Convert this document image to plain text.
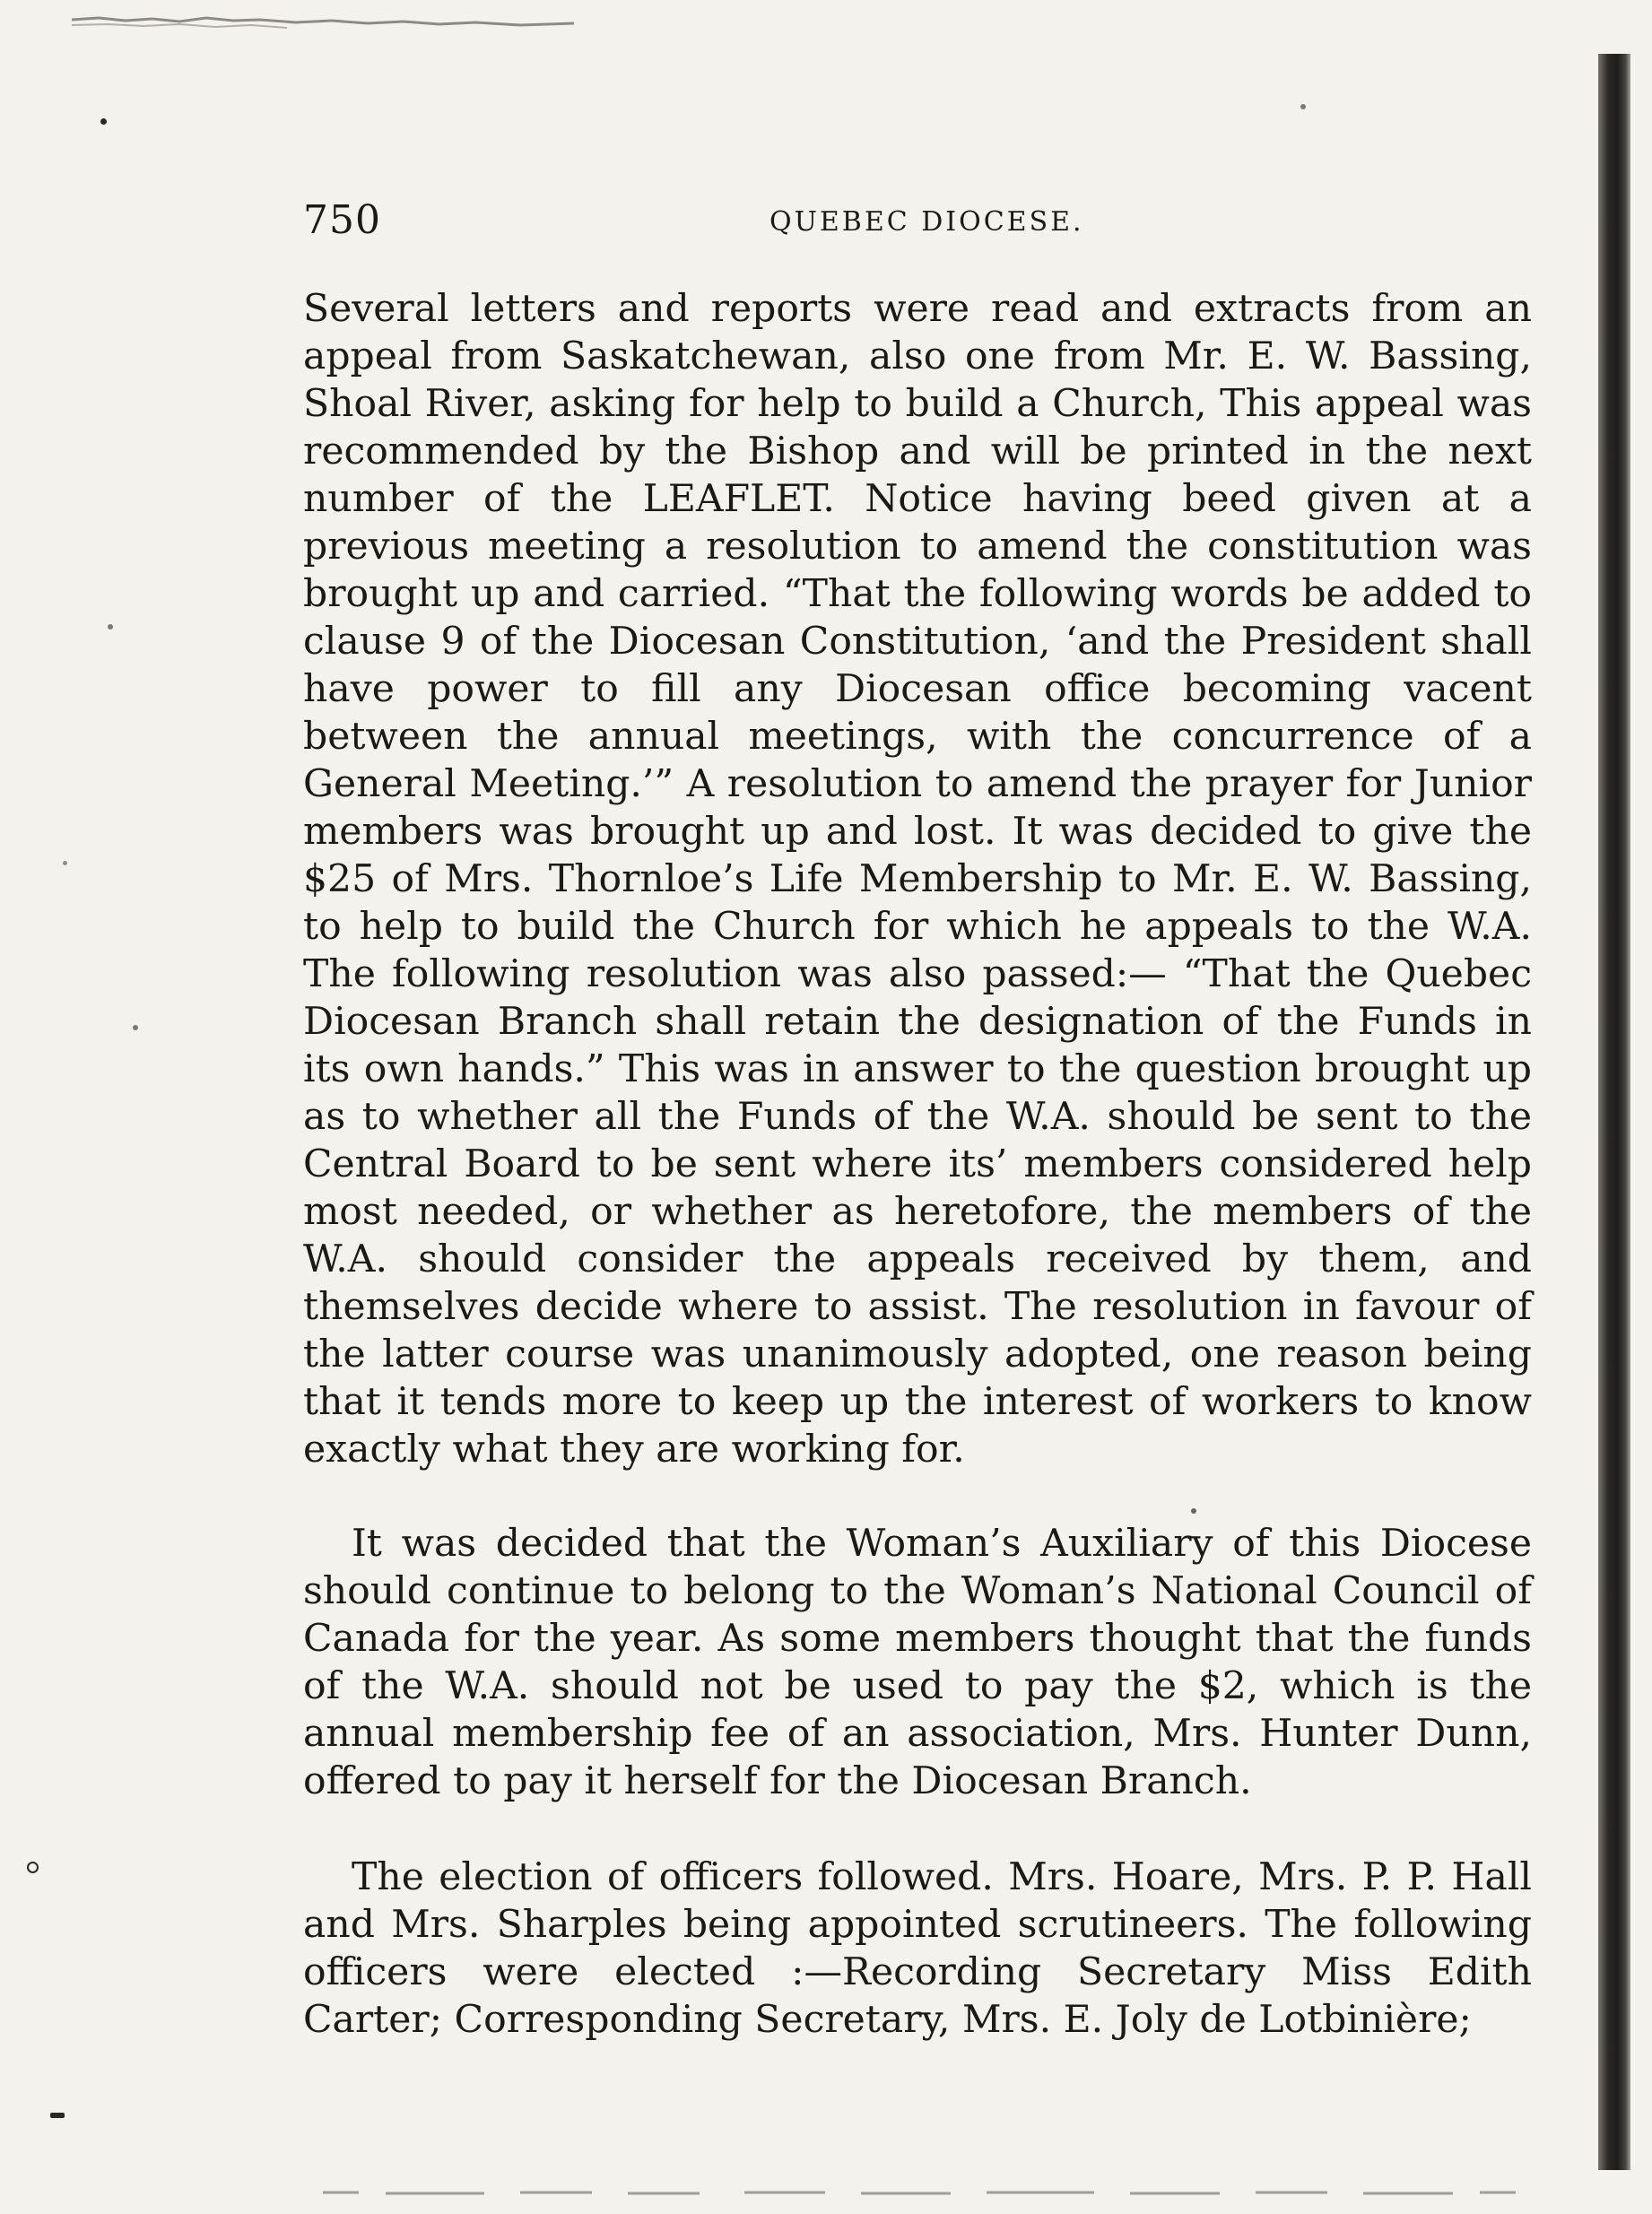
750	QUEBEC DIOCESE.

Several letters and reports were read and extracts from an appeal from Saskatchewan, also one from Mr. E. W. Bassing, Shoal River, asking for help to build a Church, This appeal was recommended by the Bishop and will be printed in the next number of the LEAFLET. Notice having beed given at a previous meeting a resolution to amend the constitution was brought up and carried. “That the following words be added to clause 9 of the Diocesan Constitution, ‘and the President shall have power to fill any Diocesan office becoming vacent between the annual meetings, with the concurrence of a General Meeting.’” A resolution to amend the prayer for Junior members was brought up and lost. It was decided to give the $25 of Mrs. Thornloe’s Life Membership to Mr. E. W. Bassing, to help to build the Church for which he appeals to the W.A. The following resolution was also passed:— “That the Quebec Diocesan Branch shall retain the designation of the Funds in its own hands.” This was in answer to the question brought up as to whether all the Funds of the W.A. should be sent to the Central Board to be sent where its’ members considered help most needed, or whether as heretofore, the members of the W.A. should consider the appeals received by them, and themselves decide where to assist. The resolution in favour of the latter course was unanimously adopted, one reason being that it tends more to keep up the interest of workers to know exactly what they are working for.

It was decided that the Woman’s Auxiliary of this Diocese should continue to belong to the Woman’s National Council of Canada for the year. As some members thought that the funds of the W.A. should not be used to pay the $2, which is the annual membership fee of an association, Mrs. Hunter Dunn, offered to pay it herself for the Diocesan Branch.

The election of officers followed. Mrs. Hoare, Mrs. P. P. Hall and Mrs. Sharples being appointed scrutineers. The following officers were elected :—Recording Secretary Miss Edith Carter; Corresponding Secretary, Mrs. E. Joly de Lotbinière;
